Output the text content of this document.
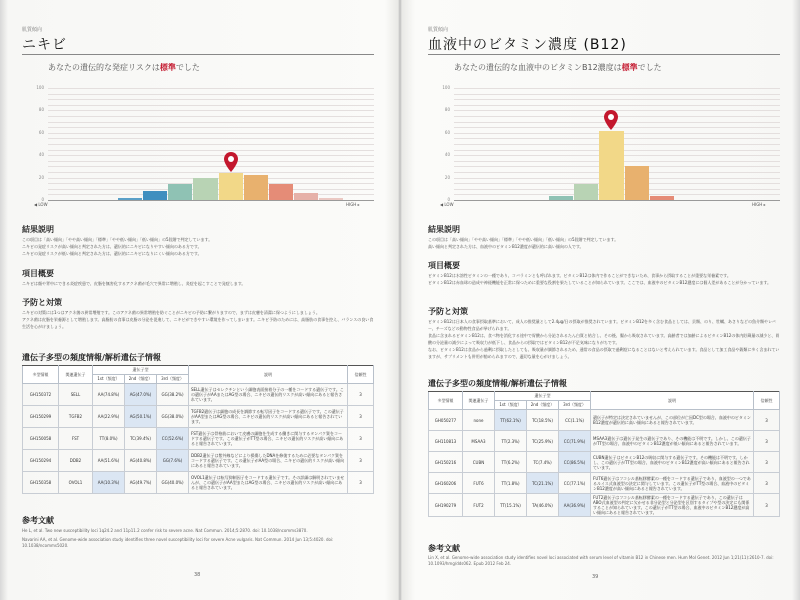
肌質傾向
ニキビ
あなたの遺伝的な発症リスクは標準でした
0
20
40
60
80
100
◀ LOW	HIGH ▸
結果説明
この項目は「高い傾向」「やや高い傾向」「標準」「やや低い傾向」「低い傾向」の5段階で判定しています。
ニキビの発症リスクが高い傾向と判定された方は、遺伝的にニキビになりやすい傾向のある方です。
ニキビの発症リスクが低い傾向と判定された方は、遺伝的にニキビになりにくい傾向のある方です。
項目概要
ニキビは顔や背中にできる炎症疾患で、皮脂を無害化するアクネ菌が毛穴で異常に増殖し、炎症を起こすことで発症します。
予防と対策
ニキビの対策には1つはアクネ菌の異常増殖です。このアクネ菌の異常増殖を防ぐことがニキビの予防に繋がりますので、まずは皮膚を清潔に保つようにしましょう。
アクネ菌は皮脂を栄養源として増殖します。高脂肪の食事は皮脂の分泌を促進して、ニキビができやすい環境を作ってしまいます。ニキビ予防のためには、高脂肪の食事を控え、バランスの良い食生活を心がけましょう。
遺伝子多型の頻度情報/解析遺伝子情報
多型情報	関連遺伝子	遺伝子型			説明	信頼性
		1st（頻度）	2nd（頻度）	3rd（頻度）		
GH150372	SELL	AA(74.8%)	AG(47.0%)	GG(38.2%)	SELL遺伝子はセレクチンという細胞表面接着分子の一種をコードする遺伝子です。この遺伝子がAAまたはAG型の場合、ニキビの遺伝的リスクが高い傾向にあると報告されています。	3
GH150299	TGFB2	AA(22.9%)	AG(50.1%)	GG(38.0%)	TGFB2遺伝子は細胞の成長を調節する転写因子をコードする遺伝子です。この遺伝子がAA型またはAG型の場合、ニキビの遺伝的リスクが高い傾向にあると報告されています。	3
GH150058	FST	TT(8.0%)	TC(39.4%)	CC(52.6%)	FST遺伝子は骨格筋において皮膚の細胞を生成する働きに関与するタンパク質をコードする遺伝子です。この遺伝子がTT型の場合、ニキビの遺伝的リスクが高い傾向にあると報告されています。	3
GH150294	DDB2	AA(51.6%)	AG(40.8%)	GG(7.6%)	DDB2遺伝子は紫外線などにより損傷したDNAを修復するために必要なタンパク質をコードする遺伝子です。この遺伝子がAA型の場合、ニキビの遺伝的リスクが高い傾向にあると報告されています。	3
GH150358	OVOL1	AA(10.3%)	AG(49.7%)	GG(40.0%)	OVOL1遺伝子は転写抑制因子をコードする遺伝子です。その詳細は解明されていませんが、この遺伝子がAA型またはAG型の場合、ニキビの遺伝的リスクが高い傾向にあると報告されています。	3
参考文献
He L, et al. Two new susceptibility loci 1q24.2 and 11p11.2 confer risk to severe acne. Nat Commun. 2014;5:2870. doi: 10.1038/ncomms3870.
Navarini AA, et al. Genome-wide association study identifies three novel susceptibility loci for severe Acne vulgaris. Nat Commun. 2014 Jun 13;5:4020. doi: 10.1038/ncomms5020.
38
肌質傾向
血液中のビタミン濃度 (B12)
あなたの遺伝的な血液中のビタミンB12濃度は標準でした
0
20
40
60
80
100
◀ LOW	HIGH ▸
結果説明
この項目は「高い傾向」「やや高い傾向」「標準」「やや低い傾向」「低い傾向」の5段階で判定しています。
高い傾向と判定された方は、血液中のビタミンB12濃度が遺伝的に高い傾向の人です。
項目概要
ビタミンB12は水溶性ビタミンの一種であり、コバラミンとも呼ばれます。ビタミンB12は体内で作ることができないため、食事から摂取することが重要な栄養素です。
ビタミンB12は赤血球の造成や神経機能を正常に保つために重要な役割を果たしていることが知られています。ここでは、血液中のビタミンB12濃度には個人差があることが分かっています。
予防と対策
ビタミンB12は日本人の食事摂取基準において、成人の推奨量として2.4μg/日の摂取が推奨されています。ビタミンB12を多く含む食品としては、貝類、のり、牡蠣、あさりなどの魚介類やレバー、チーズなどの動物性食品が挙げられます。
食品に含まれるビタミンB12は、食べ物を消化する途中で胃酸から分泌されるたん白質と結合し、その後、腸から吸収されています。高齢者では加齢によるビタミンB12の体内貯蔵量の減少と、胃酸の分泌量の減少によって吸収力が低下し、食品からの摂取ではビタミンB12が不足気味になりがちです。
なお、ビタミンB12は食品から過剰に摂取したとしても、吸収量が調節されるため、通常の食品の摂取で過剰症になることはないと考えられています。食品として加工食品や穀類に多く含まれていますが、サプリメントも併用が勧められますので、適切な量を心がけましょう。
遺伝子多型の頻度情報/解析遺伝子情報
多型情報	関連遺伝子	遺伝子型			説明	信頼性
		1st（頻度）	2nd（頻度）	3rd（頻度）		
GH050277	none	TT(62.1%)	TC(18.5%)	CC(1.1%)	遺伝子が特定は決定されていませんが、この部位が亡因DC型の場合、血液中のビタミンB12濃度が遺伝的に高い傾向にあると報告されています。	3
GH110813	MSAA3	TT(2.3%)	TC(25.9%)	CC(71.9%)	MSAA3遺伝子は遺伝子発生の遺伝子であり、その機能は不明です。しかし、この遺伝子がTT型の場合、血液中のビタミンB12濃度が低い傾向にあると報告されています。	3
GH150216	CUBN	TT(6.2%)	TC(7.4%)	CC(86.5%)	CUBN遺伝子はビタミンB12の吸収に関与する遺伝子です。その機能は不明です。しかし、この遺伝子がTT型の場合、血液中のビタミンB12濃度が高い傾向にあると報告されています。	3
GH160206	FUT6	TT(1.8%)	TC(21.1%)	CC(77.1%)	FUT6遺伝子はフコシル基転移酵素の一種をコードする遺伝子であり、血液型の一つであるルイス式血液型の決定に関与しています。この遺伝子がTT型の場合、血液中のビタミンB12濃度が高い傾向にあると報告されています。	3
GH190279	FUT2	TT(15.1%)	TA(46.0%)	AA(36.9%)	FUT2遺伝子はフコシル基転移酵素の一種をコードする遺伝子であり、この遺伝子はABO式血液型の判定に欠かせる非分泌型と分泌型を区別するタイプや型の決定にも関係することが知られています。この遺伝子がTT型の場合、血液中のビタミンB12濃度が高い傾向にあると報告されています。	3
参考文献
Lin X, et al. Genome-wide association study identifies novel loci associated with serum level of vitamin B12 in Chinese men. Hum Mol Genet. 2012 Jun 1;21(11):2610-7. doi: 10.1093/hmg/dds062. Epub 2012 Feb 24.
39
